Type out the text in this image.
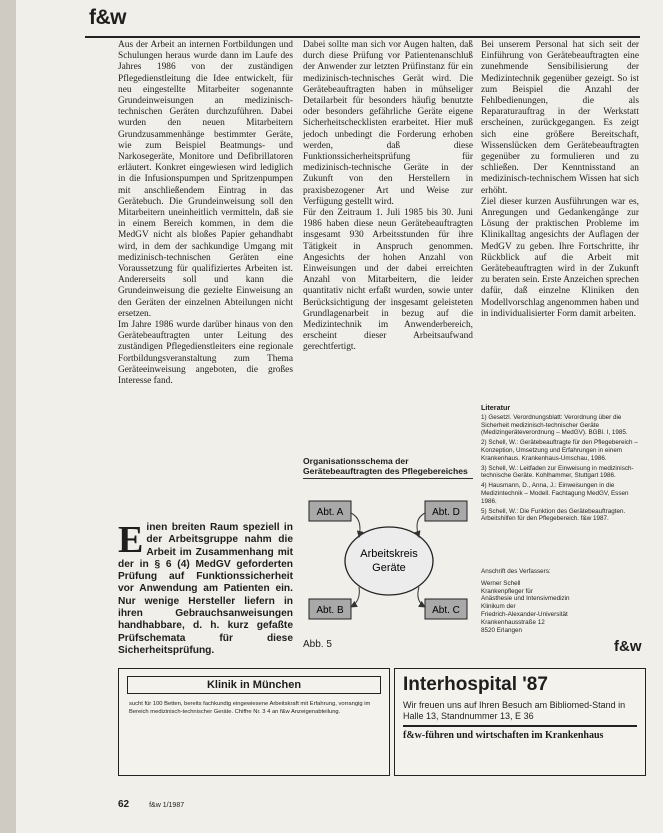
f&w

Aus der Arbeit an internen Fortbildungen und Schulungen heraus wurde dann im Laufe des Jahres 1986 von der zuständigen Pflegedienstleitung die Idee entwickelt, für neu eingestellte Mitarbeiter sogenannte Grundeinweisungen an medizinisch-technischen Geräten durchzuführen. Dabei wurden den neuen Mitarbeitern Grundzusammenhänge bestimmter Geräte, wie zum Beispiel Beatmungs- und Narkosegeräte, Monitore und Defibrillatoren erläutert. Konkret eingewiesen wird lediglich in die Infusionspumpen und Spritzenpumpen mit anschließendem Eintrag in das Gerätebuch. Die Grundeinweisung soll den Mitarbeitern uneinheitlich vermitteln, daß sie in einem Bereich kommen, in dem die MedGV nicht als bloßes Papier gehandhabt wird, in dem der sachkundige Umgang mit medizinisch-technischen Geräten eine Voraussetzung für qualifiziertes Arbeiten ist. Andererseits soll und kann die Grundeinweisung die gezielte Einweisung an den Geräten der einzelnen Abteilungen nicht ersetzen.

Im Jahre 1986 wurde darüber hinaus von den Gerätebeauftragten unter Leitung des zuständigen Pflegedienstleiters eine regionale Fortbildungsveranstaltung zum Thema Geräteeinweisung angeboten, die großes Interesse fand.

E inen breiten Raum speziell in der Arbeitsgruppe nahm die Arbeit im Zusammenhang mit der in § 6 (4) MedGV geforderten Prüfung auf Funktionssicherheit vor Anwendung am Patienten ein. Nur wenige Hersteller liefern in ihren Gebrauchsanweisungen handhabbare, d. h. kurz gefaßte Prüfschemata für diese Sicherheitsprüfung.

Dabei sollte man sich vor Augen halten, daß durch diese Prüfung vor Patientenanschluß der Anwender zur letzten Prüfinstanz für ein medizinisch-technisches Gerät wird. Die Gerätebeauftragten haben in mühseliger Detailarbeit für besonders häufig benutzte oder besonders gefährliche Geräte eigene Sicherheitschecklisten erarbeitet. Hier muß jedoch unbedingt die Forderung erhoben werden, daß diese Funktionssicherheitsprüfung für medizinisch-technische Geräte in der Zukunft von den Herstellern in praxisbezogener Art und Weise zur Verfügung gestellt wird.

Für den Zeitraum 1. Juli 1985 bis 30. Juni 1986 haben diese neun Gerätebeauftragten insgesamt 930 Arbeitsstunden für ihre Tätigkeit in Anspruch genommen. Angesichts der hohen Anzahl von Einweisungen und der dabei erreichten Anzahl von Mitarbeitern, die leider quantitativ nicht erfaßt wurden, sowie unter Berücksichtigung der insgesamt geleisteten Grundlagenarbeit in bezug auf die Medizintechnik im Anwenderbereich, erscheint dieser Arbeitsaufwand gerechtfertigt.

Organisationsschema der
Gerätebeauftragten des Pflegebereiches
Arbeitskreis
Geräte
Abt. A	Abt. D
Abt. B	Abt. C
Abb. 5

Bei unserem Personal hat sich seit der Einführung von Gerätebeauftragten eine zunehmende Sensibilisierung der Medizintechnik gegenüber gezeigt. So ist zum Beispiel die Anzahl der Fehlbedienungen, die als Reparaturauftrag in der Werkstatt erscheinen, zurückgegangen. Es zeigt sich eine größere Bereitschaft, Wissenslücken dem Gerätebeauftragten gegenüber zu formulieren und zu schließen. Der Kenntnisstand an medizinisch-technischem Wissen hat sich erhöht.

Ziel dieser kurzen Ausführungen war es, Anregungen und Gedankengänge zur Lösung der praktischen Probleme im Klinikalltag angesichts der Auflagen der MedGV zu geben. Ihre Fortschritte, ihr Rückblick auf die Arbeit mit Gerätebeauftragten wird in der Zukunft zu beraten sein. Erste Anzeichen sprechen dafür, daß einzelne Kliniken den Modellvorschlag angenommen haben und in individualisierter Form damit arbeiten.

Literatur

1) Gesetzl. Verordnungsblatt: Verordnung über die Sicherheit medizinisch-technischer Geräte (Medizingeräteverordnung – MedGV). BGBl. I, 1985.

2) Schell, W.: Gerätebeauftragte für den Pflegebereich – Konzeption, Umsetzung und Erfahrungen in einem Krankenhaus. Krankenhaus-Umschau, 1986.

3) Schell, W.: Leitfaden zur Einweisung in medizinisch-technische Geräte. Kohlhammer, Stuttgart 1986.

4) Hausmann, D., Anna, J.: Einweisungen in die Medizintechnik – Modell. Fachtagung MedGV, Essen 1986.

5) Schell, W.: Die Funktion des Gerätebeauftragten. Arbeitshilfen für den Pflegebereich. f&w 1987.

Anschrift des Verfassers:

Werner Schell

Krankenpfleger für

Anästhesie und Intensivmedizin

Klinikum der

Friedrich-Alexander-Universität

Krankenhausstraße 12

8520 Erlangen

f&w
Klinik in München
sucht für 100 Betten, bereits fachkundig eingewiesene Arbeitskraft mit Erfahrung, vorrangig im Bereich medizinisch-technischer Geräte. Chiffre Nr. 3 4 an f&w Anzeigenabteilung.
Interhospital '87
Wir freuen uns auf Ihren Besuch am Bibliomed-Stand in
Halle 13, Standnummer 13, E 36
f&w-führen und wirtschaften im Krankenhaus
62	f&w 1/1987
